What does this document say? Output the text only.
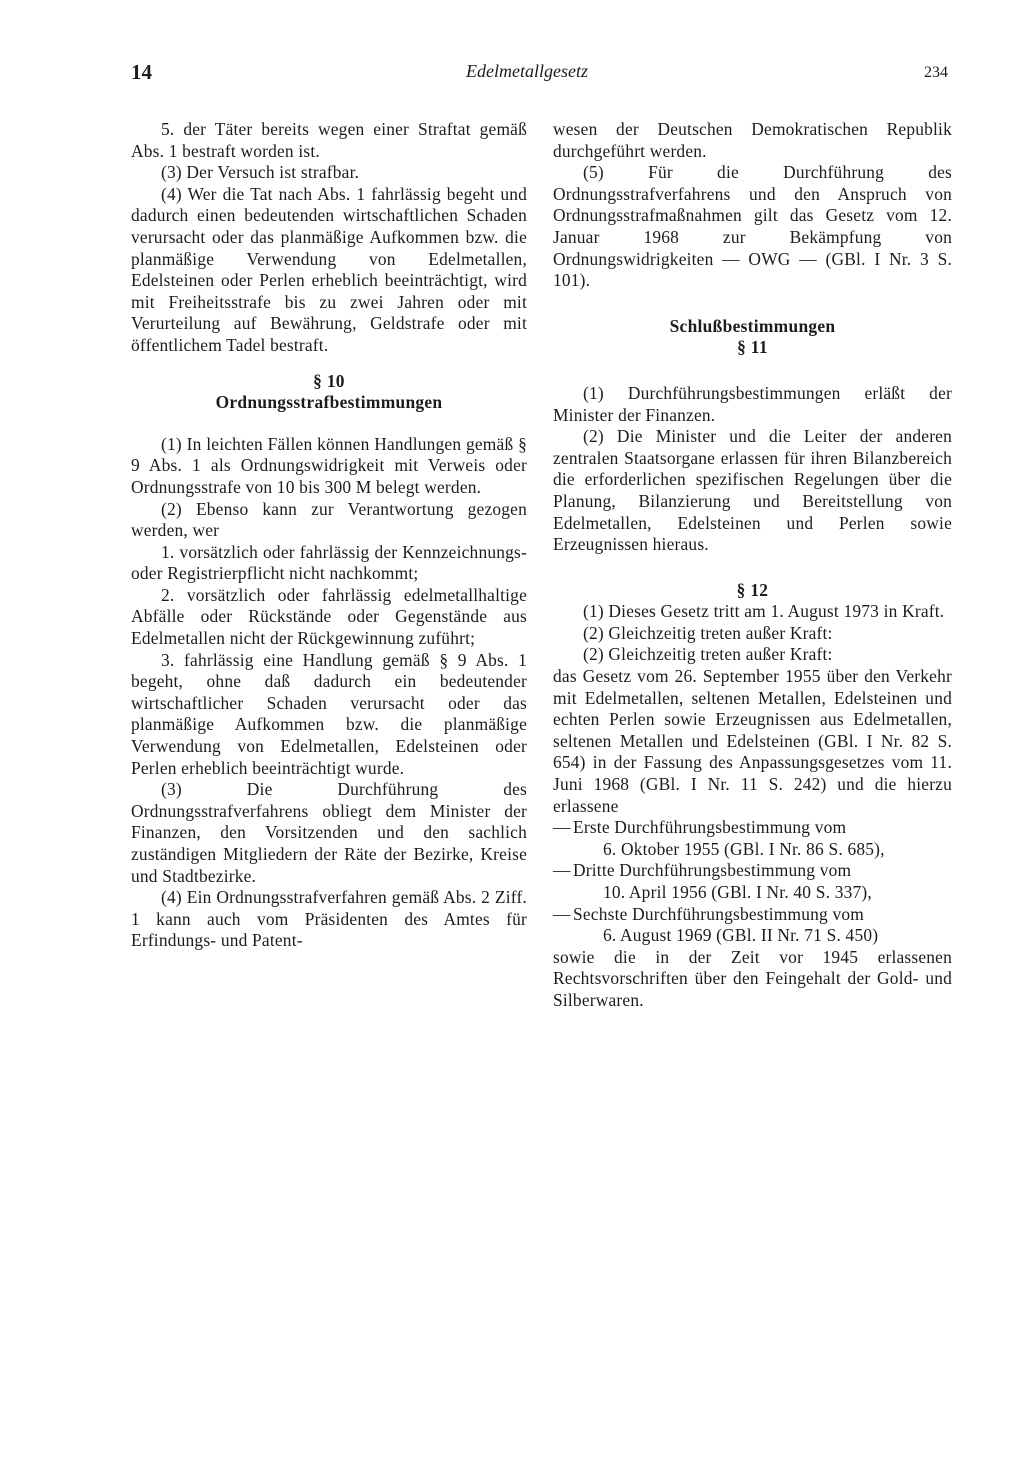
14	Edelmetallgesetz	234

5. der Täter bereits wegen einer Straftat gemäß Abs. 1 bestraft worden ist.

(3) Der Versuch ist strafbar.

(4) Wer die Tat nach Abs. 1 fahrlässig begeht und dadurch einen bedeutenden wirtschaftlichen Schaden verursacht oder das planmäßige Aufkommen bzw. die planmäßige Verwendung von Edelmetallen, Edelsteinen oder Perlen erheblich beeinträchtigt, wird mit Freiheitsstrafe bis zu zwei Jahren oder mit Verurteilung auf Bewährung, Geldstrafe oder mit öffentlichem Tadel bestraft.

§ 10
Ordnungsstrafbestimmungen

(1) In leichten Fällen können Handlungen gemäß § 9 Abs. 1 als Ordnungswidrigkeit mit Verweis oder Ordnungsstrafe von 10 bis 300 M belegt werden.

(2) Ebenso kann zur Verantwortung gezogen werden, wer

1. vorsätzlich oder fahrlässig der Kennzeichnungs- oder Registrierpflicht nicht nachkommt;

2. vorsätzlich oder fahrlässig edelmetallhaltige Abfälle oder Rückstände oder Gegenstände aus Edelmetallen nicht der Rückgewinnung zuführt;

3. fahrlässig eine Handlung gemäß § 9 Abs. 1 begeht, ohne daß dadurch ein bedeutender wirtschaftlicher Schaden verursacht oder das planmäßige Aufkommen bzw. die planmäßige Verwendung von Edelmetallen, Edelsteinen oder Perlen erheblich beeinträchtigt wurde.

(3) Die Durchführung des Ordnungsstrafverfahrens obliegt dem Minister der Finanzen, den Vorsitzenden und den sachlich zuständigen Mitgliedern der Räte der Bezirke, Kreise und Stadtbezirke.

(4) Ein Ordnungsstrafverfahren gemäß Abs. 2 Ziff. 1 kann auch vom Präsidenten des Amtes für Erfindungs- und Patent-

wesen der Deutschen Demokratischen Republik durchgeführt werden.

(5) Für die Durchführung des Ordnungsstrafverfahrens und den Anspruch von Ordnungsstrafmaßnahmen gilt das Gesetz vom 12. Januar 1968 zur Bekämpfung von Ordnungswidrigkeiten — OWG — (GBl. I Nr. 3 S. 101).

Schlußbestimmungen
§ 11

(1) Durchführungsbestimmungen erläßt der Minister der Finanzen.

(2) Die Minister und die Leiter der anderen zentralen Staatsorgane erlassen für ihren Bilanzbereich die erforderlichen spezifischen Regelungen über die Planung, Bilanzierung und Bereitstellung von Edelmetallen, Edelsteinen und Perlen sowie Erzeugnissen hieraus.

§ 12

(1) Dieses Gesetz tritt am 1. August 1973 in Kraft.

(2) Gleichzeitig treten außer Kraft:

(2) Gleichzeitig treten außer Kraft:

das Gesetz vom 26. September 1955 über den Verkehr mit Edelmetallen, seltenen Metallen, Edelsteinen und echten Perlen sowie Erzeugnissen aus Edelmetallen, seltenen Metallen und Edelsteinen (GBl. I Nr. 82 S. 654) in der Fassung des Anpassungsgesetzes vom 11. Juni 1968 (GBl. I Nr. 11 S. 242) und die hierzu erlassene

— Erste Durchführungsbestimmung vom
6. Oktober 1955 (GBl. I Nr. 86 S. 685),
— Dritte Durchführungsbestimmung vom
10. April 1956 (GBl. I Nr. 40 S. 337),
— Sechste Durchführungsbestimmung vom
6. August 1969 (GBl. II Nr. 71 S. 450)

sowie die in der Zeit vor 1945 erlassenen Rechtsvorschriften über den Feingehalt der Gold- und Silberwaren.
